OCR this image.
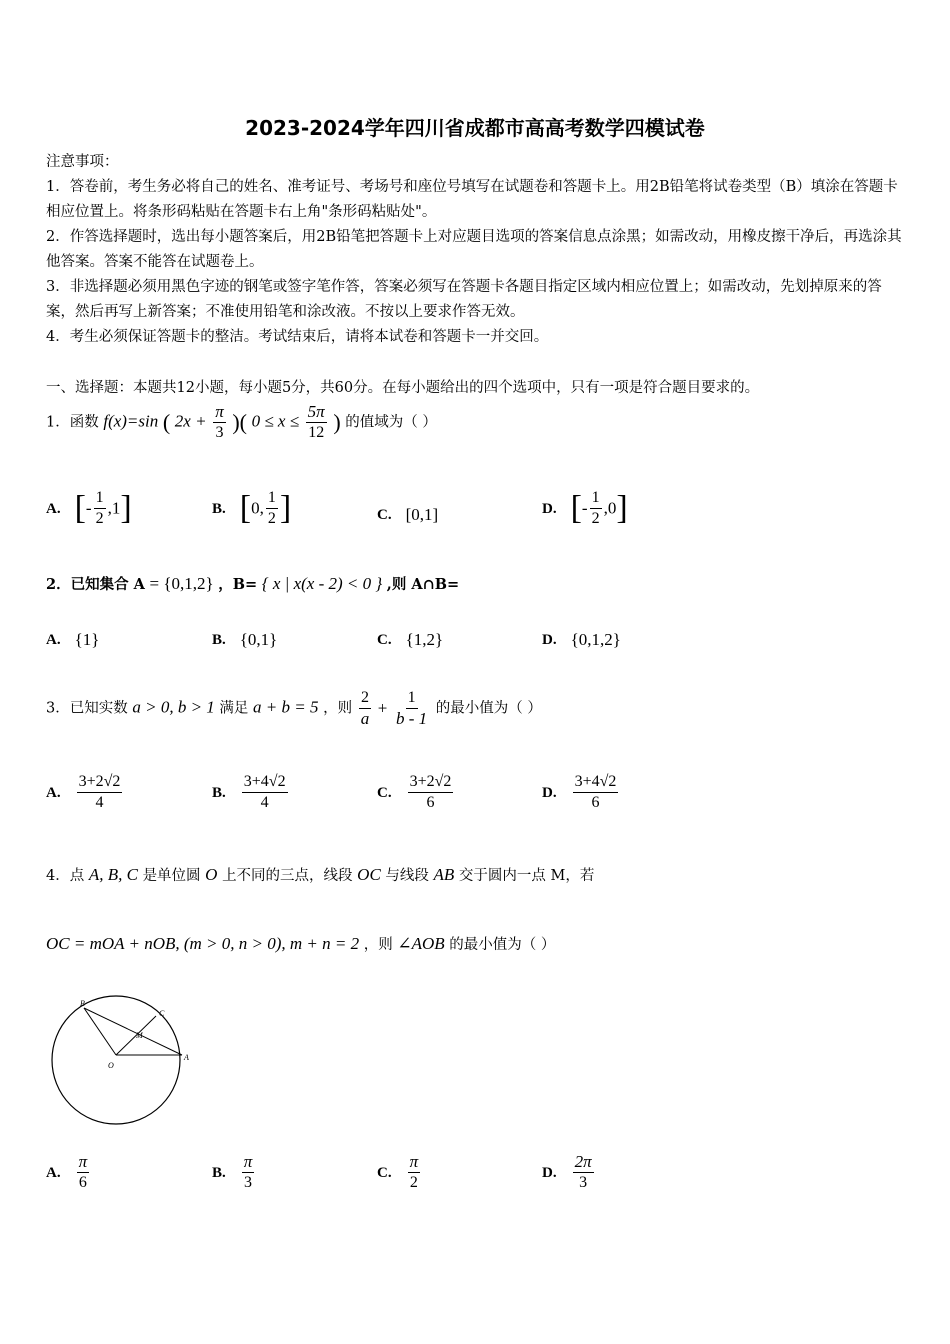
2023-2024学年四川省成都市高高考数学四模试卷
注意事项：
1．答卷前，考生务必将自己的姓名、准考证号、考场号和座位号填写在试题卷和答题卡上。用2B铅笔将试卷类型（B）填涂在答题卡相应位置上。将条形码粘贴在答题卡右上角"条形码粘贴处"。
2．作答选择题时，选出每小题答案后，用2B铅笔把答题卡上对应题目选项的答案信息点涂黑；如需改动，用橡皮擦干净后，再选涂其他答案。答案不能答在试题卷上。
3．非选择题必须用黑色字迹的钢笔或签字笔作答，答案必须写在答题卡各题目指定区域内相应位置上；如需改动，先划掉原来的答案，然后再写上新答案；不准使用铅笔和涂改液。不按以上要求作答无效。
4．考生必须保证答题卡的整洁。考试结束后，请将本试卷和答题卡一并交回。
一、选择题：本题共12小题，每小题5分，共60分。在每小题给出的四个选项中，只有一项是符合题目要求的。
1．函数 f(x)=sin ( $2x + \frac{\pi}{3}$ )( $0 \le x \le \frac{5\pi}{12}$ ) 的值域为（ ）
A. [- $\frac{1}{2} ,1$]	B. [0, $\frac{1}{2}$ ]	C. [0,1]	D. [- $\frac{1}{2} ,0$]
2．已知集合 A = {0,1,2} ，B= { x | x(x - 2) < 0 } ,则 A∩B=
A. {1}	B. {0,1}	C. {1,2}	D. {0,1,2}
3．已知实数 a > 0, b > 1 满足 a + b = 5 ，则 $\frac{2}{a} + \frac{1}{b - 1}$ 的最小值为（ ）
A. $\frac{3+2√2}{4}$	B. $\frac{3+4√2}{4}$	C. $\frac{3+2√2}{6}$	D. $\frac{3+4√2}{6}$
4．点 A, B, C 是单位圆 O 上不同的三点，线段 OC 与线段 AB 交于圆内一点 M，若
OC = mOA + nOB, (m > 0, n > 0), m + n = 2 ，则 ∠AOB 的最小值为（ ）
B
C
M
O
A
A. $\frac{\pi}{6}$	B. $\frac{\pi}{3}$	C. $\frac{\pi}{2}$	D. $\frac{2\pi}{3}$
